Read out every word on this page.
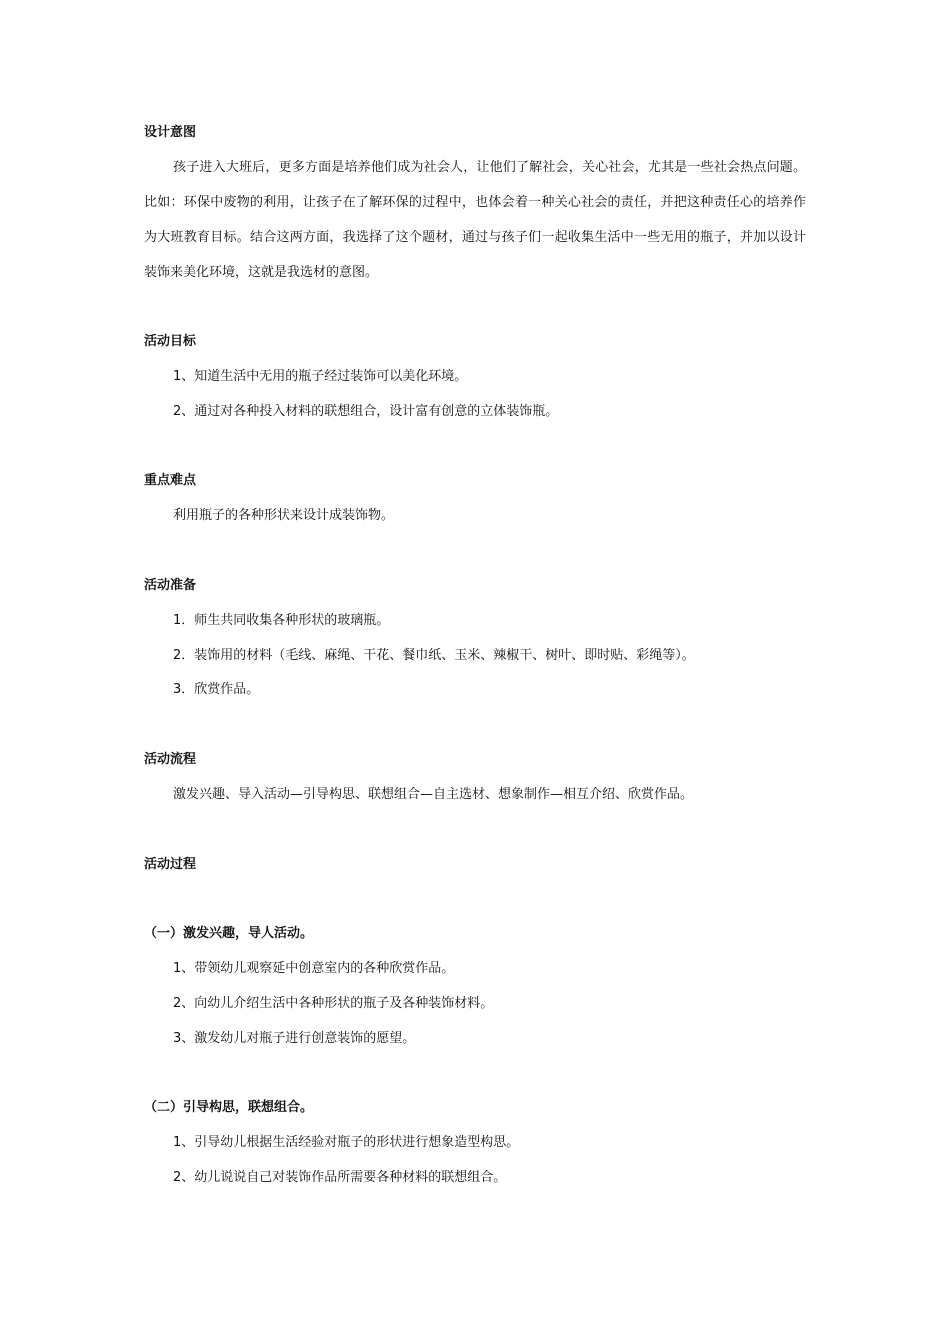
设计意图
孩子进入大班后，更多方面是培养他们成为社会人，让他们了解社会，关心社会，尤其是一些社会热点问题。比如：环保中废物的利用，让孩子在了解环保的过程中，也体会着一种关心社会的责任，并把这种责任心的培养作为大班教育目标。结合这两方面，我选择了这个题材，通过与孩子们一起收集生活中一些无用的瓶子，并加以设计装饰来美化环境，这就是我选材的意图。
活动目标
1、知道生活中无用的瓶子经过装饰可以美化环境。
2、通过对各种投入材料的联想组合，设计富有创意的立体装饰瓶。
重点难点
利用瓶子的各种形状来设计成装饰物。
活动准备
1．师生共同收集各种形状的玻璃瓶。
2．装饰用的材料（毛线、麻绳、干花、餐巾纸、玉米、辣椒干、树叶、即时贴、彩绳等）。
3．欣赏作品。
活动流程
激发兴趣、导入活动—引导构思、联想组合—自主选材、想象制作—相互介绍、欣赏作品。
活动过程
（一）激发兴趣，导人活动。
1、带领幼儿观察延中创意室内的各种欣赏作品。
2、向幼儿介绍生活中各种形状的瓶子及各种装饰材料。
3、激发幼儿对瓶子进行创意装饰的愿望。
（二）引导构思，联想组合。
1、引导幼儿根据生活经验对瓶子的形状进行想象造型构思。
2、幼儿说说自己对装饰作品所需要各种材料的联想组合。
